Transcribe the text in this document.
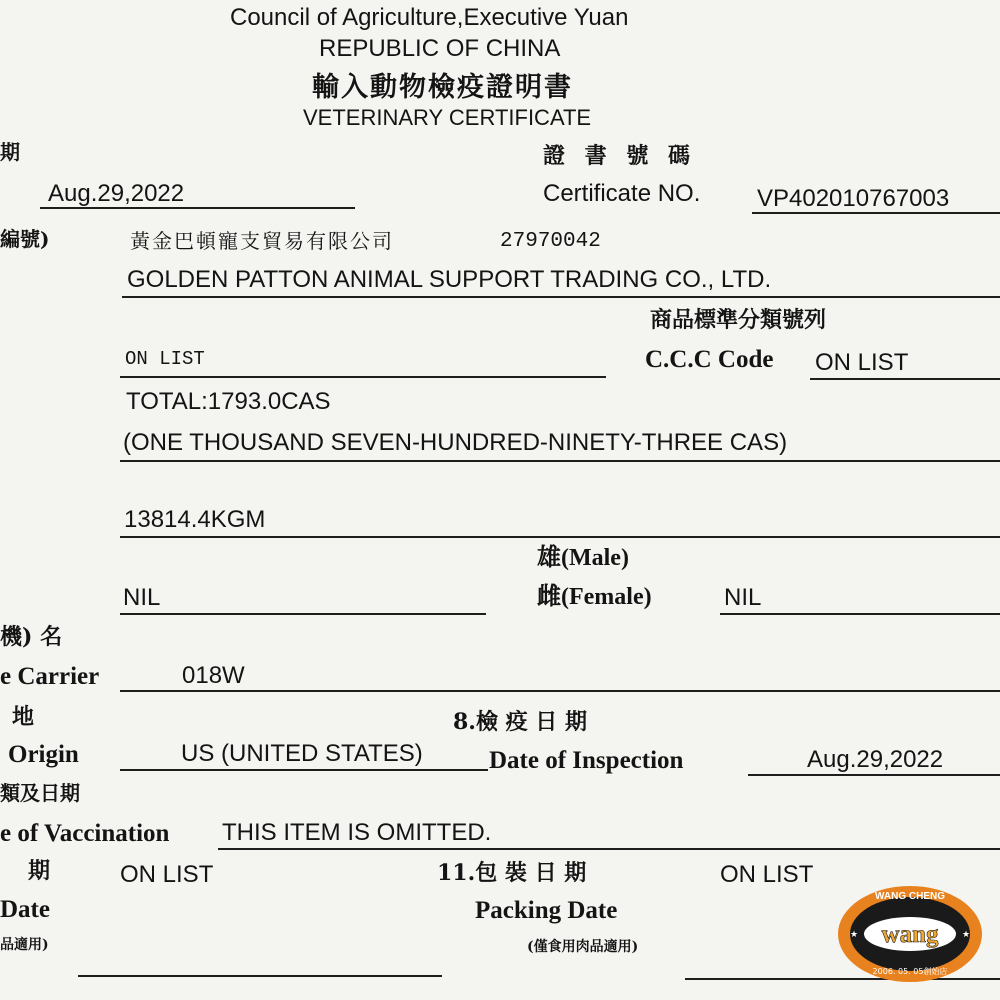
Council of Agriculture,Executive Yuan
REPUBLIC OF CHINA
輸入動物檢疫證明書
VETERINARY CERTIFICATE
期
Aug.29,2022
證 書 號 碼
Certificate NO. VP402010767003
編號)	黃金巴頓寵支貿易有限公司	27970042
GOLDEN PATTON ANIMAL SUPPORT TRADING CO., LTD.
商品標準分類號列
ON LIST	C.C.C Code ON LIST
TOTAL:1793.0CAS
(ONE THOUSAND SEVEN-HUNDRED-NINETY-THREE CAS)
13814.4KGM
雄(Male)
NIL	雌(Female)	NIL
機) 名
e Carrier	018W
地
Origin	US (UNITED STATES)
8.檢 疫 日 期
Date of Inspection	Aug.29,2022
類及日期
e of Vaccination THIS ITEM IS OMITTED.
期	ON LIST
Date
品適用)
11.包 裝 日 期	ON LIST
Packing Date
(僅食用肉品適用)
WANG CHENG
wang
2006. 05. 05創始店
★	★
